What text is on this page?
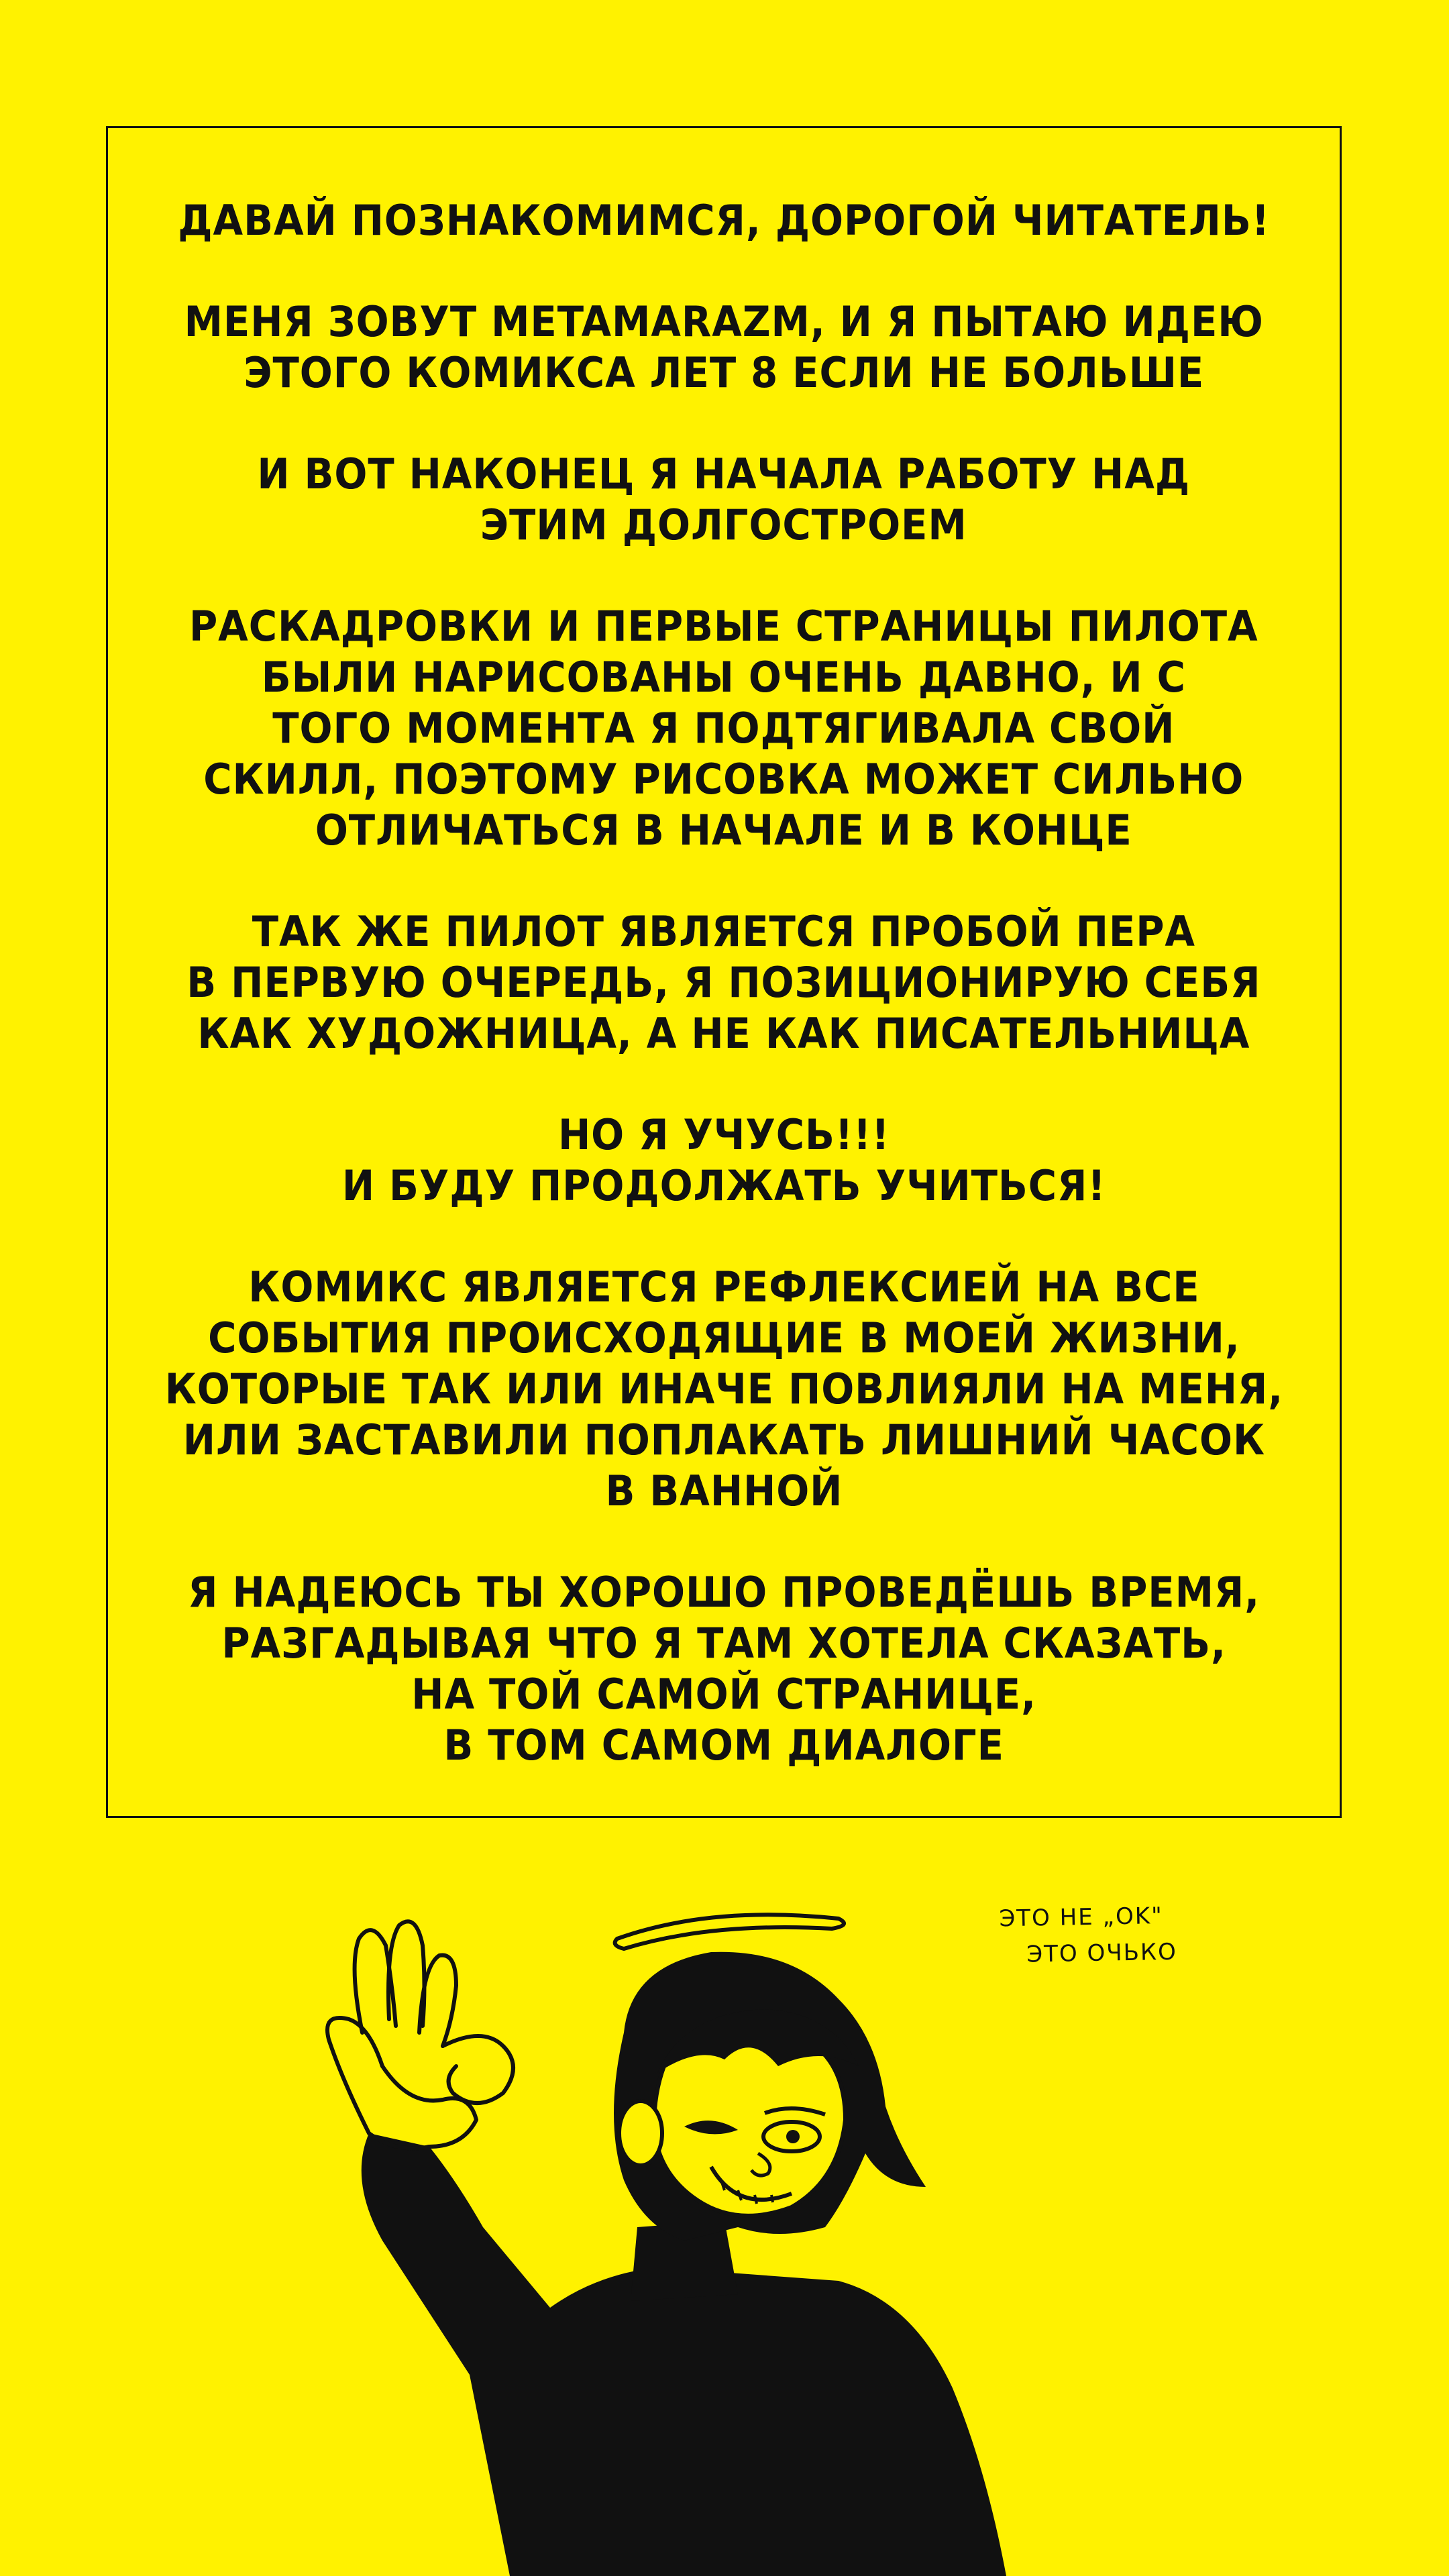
ДАВАЙ ПОЗНАКОМИМСЯ, ДОРОГОЙ ЧИТАТЕЛЬ!

МЕНЯ ЗОВУТ METAMARAZM, И Я ПЫТАЮ ИДЕЮ
ЭТОГО КОМИКСА ЛЕТ 8 ЕСЛИ НЕ БОЛЬШЕ

И ВОТ НАКОНЕЦ Я НАЧАЛА РАБОТУ НАД
ЭТИМ ДОЛГОСТРОЕМ

РАСКАДРОВКИ И ПЕРВЫЕ СТРАНИЦЫ ПИЛОТА
БЫЛИ НАРИСОВАНЫ ОЧЕНЬ ДАВНО, И С
ТОГО МОМЕНТА Я ПОДТЯГИВАЛА СВОЙ
СКИЛЛ, ПОЭТОМУ РИСОВКА МОЖЕТ СИЛЬНО
ОТЛИЧАТЬСЯ В НАЧАЛЕ И В КОНЦЕ

ТАК ЖЕ ПИЛОТ ЯВЛЯЕТСЯ ПРОБОЙ ПЕРА
В ПЕРВУЮ ОЧЕРЕДЬ, Я ПОЗИЦИОНИРУЮ СЕБЯ
КАК ХУДОЖНИЦА, А НЕ КАК ПИСАТЕЛЬНИЦА

НО Я УЧУСЬ!!!
И БУДУ ПРОДОЛЖАТЬ УЧИТЬСЯ!

КОМИКС ЯВЛЯЕТСЯ РЕФЛЕКСИЕЙ НА ВСЕ
СОБЫТИЯ ПРОИСХОДЯЩИЕ В МОЕЙ ЖИЗНИ,
КОТОРЫЕ ТАК ИЛИ ИНАЧЕ ПОВЛИЯЛИ НА МЕНЯ,
ИЛИ ЗАСТАВИЛИ ПОПЛАКАТЬ ЛИШНИЙ ЧАСОК
В ВАННОЙ

Я НАДЕЮСЬ ТЫ ХОРОШО ПРОВЕДЁШЬ ВРЕМЯ,
РАЗГАДЫВАЯ ЧТО Я ТАМ ХОТЕЛА СКАЗАТЬ,
НА ТОЙ САМОЙ СТРАНИЦЕ,
В ТОМ САМОМ ДИАЛОГЕ

ЭТО НЕ „OK"
ЭТО ОЧЬКО
